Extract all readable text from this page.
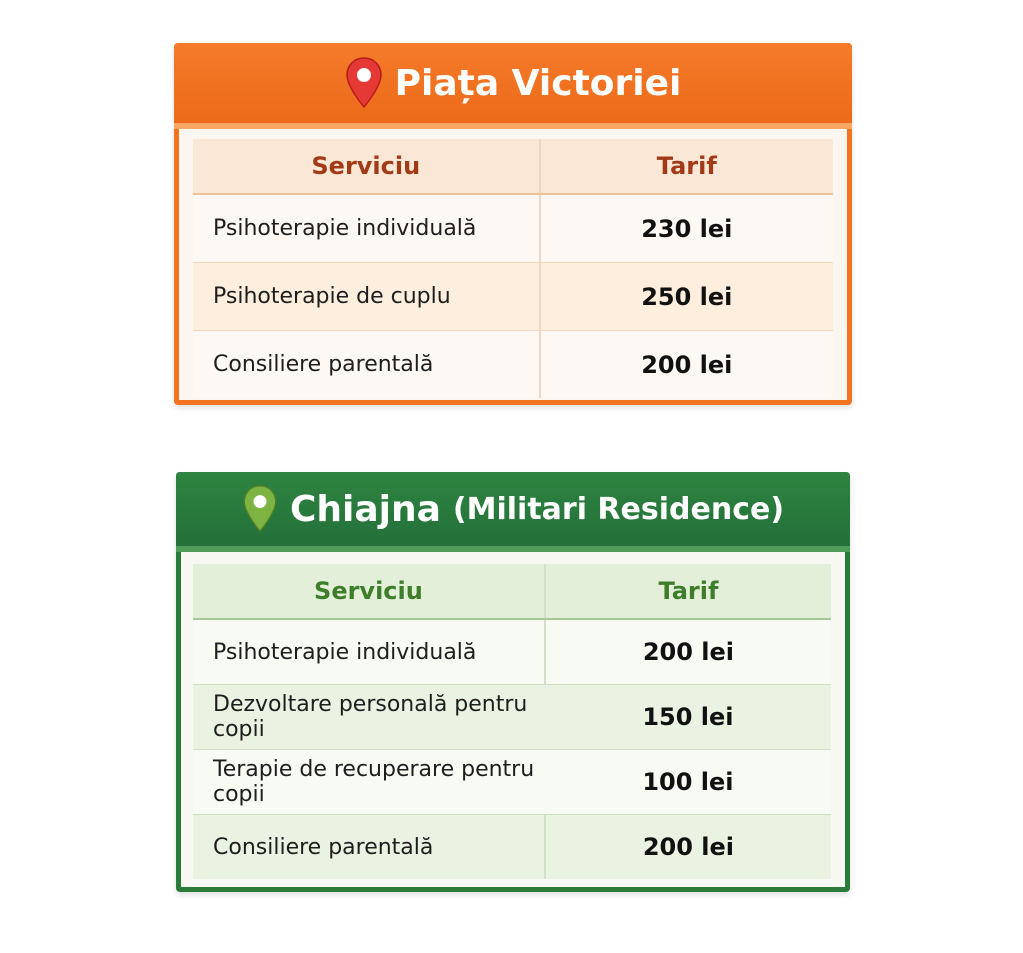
Piața Victoriei
Serviciu	Tarif
Psihoterapie individuală	230 lei
Psihoterapie de cuplu	250 lei
Consiliere parentală	200 lei
Chiajna (Militari Residence)
Serviciu	Tarif
Psihoterapie individuală	200 lei
Dezvoltare personală pentru copii	150 lei
Terapie de recuperare pentru copii	100 lei
Consiliere parentală	200 lei
